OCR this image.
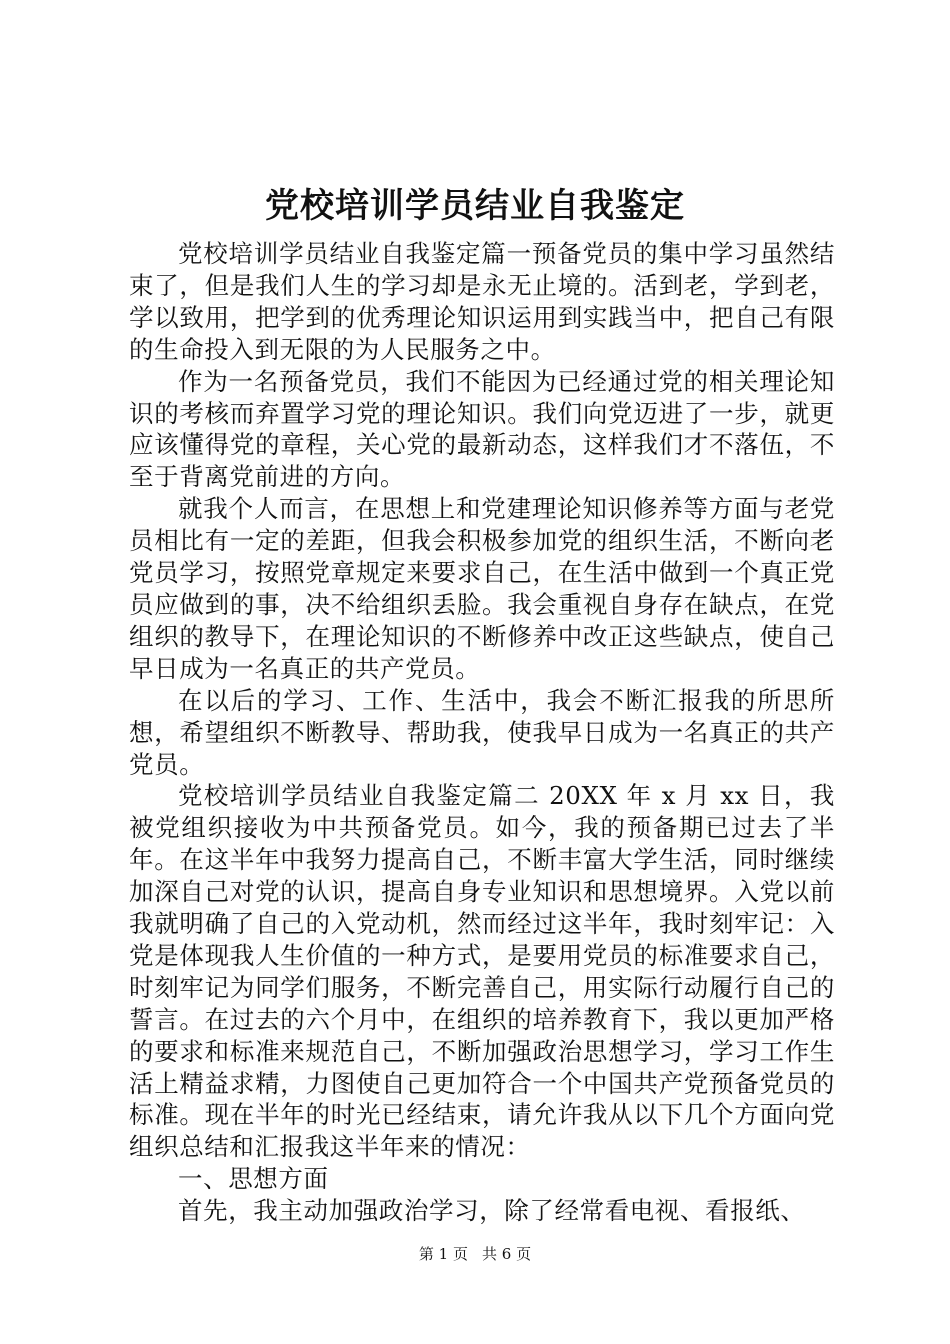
党校培训学员结业自我鉴定

党校培训学员结业自我鉴定篇一预备党员的集中学习虽然结束了，但是我们人生的学习却是永无止境的。活到老，学到老，学以致用，把学到的优秀理论知识运用到实践当中，把自己有限的生命投入到无限的为人民服务之中。

作为一名预备党员，我们不能因为已经通过党的相关理论知识的考核而弃置学习党的理论知识。我们向党迈进了一步，就更应该懂得党的章程，关心党的最新动态，这样我们才不落伍，不至于背离党前进的方向。

就我个人而言，在思想上和党建理论知识修养等方面与老党员相比有一定的差距，但我会积极参加党的组织生活，不断向老党员学习，按照党章规定来要求自己，在生活中做到一个真正党员应做到的事，决不给组织丢脸。我会重视自身存在缺点，在党组织的教导下，在理论知识的不断修养中改正这些缺点，使自己早日成为一名真正的共产党员。

在以后的学习、工作、生活中，我会不断汇报我的所思所想，希望组织不断教导、帮助我，使我早日成为一名真正的共产党员。

党校培训学员结业自我鉴定篇二 20XX 年 x 月 xx 日，我被党组织接收为中共预备党员。如今，我的预备期已过去了半年。在这半年中我努力提高自己，不断丰富大学生活，同时继续加深自己对党的认识，提高自身专业知识和思想境界。入党以前我就明确了自己的入党动机，然而经过这半年，我时刻牢记：入党是体现我人生价值的一种方式，是要用党员的标准要求自己，时刻牢记为同学们服务，不断完善自己，用实际行动履行自己的誓言。在过去的六个月中，在组织的培养教育下，我以更加严格的要求和标准来规范自己，不断加强政治思想学习，学习工作生活上精益求精，力图使自己更加符合一个中国共产党预备党员的标准。现在半年的时光已经结束，请允许我从以下几个方面向党组织总结和汇报我这半年来的情况：

一、思想方面

首先，我主动加强政治学习，除了经常看电视、看报纸、

第 1 页 共 6 页
